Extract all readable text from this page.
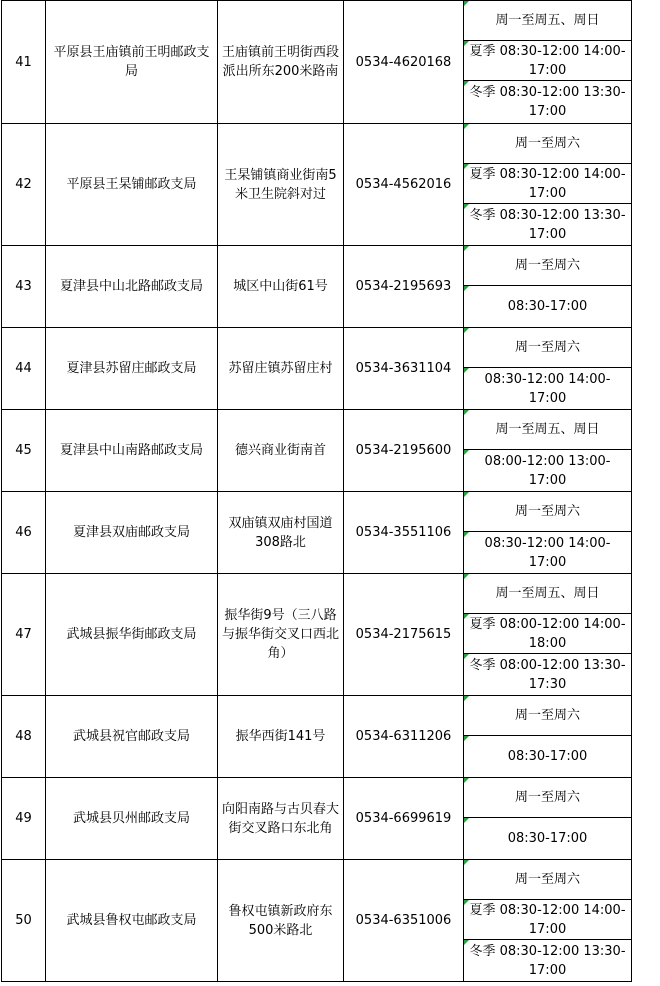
41	平原县王庙镇前王明邮政支局	王庙镇前王明街西段派出所东200米路南	0534-4620168	周一至周五、周日
夏季 08:30-12:00 14:00-17:00
冬季 08:30-12:00 13:30-17:00

42	平原县王杲铺邮政支局	王杲铺镇商业街南5米卫生院斜对过	0534-4562016	周一至周六
夏季 08:30-12:00 14:00-17:00
冬季 08:30-12:00 13:30-17:00

43	夏津县中山北路邮政支局	城区中山街61号	0534-2195693	周一至周六
08:30-17:00

44	夏津县苏留庄邮政支局	苏留庄镇苏留庄村	0534-3631104	周一至周六
08:30-12:00 14:00-17:00

45	夏津县中山南路邮政支局	德兴商业街南首	0534-2195600	周一至周五、周日
08:00-12:00 13:00-17:00

46	夏津县双庙邮政支局	双庙镇双庙村国道308路北	0534-3551106	周一至周六
08:30-12:00 14:00-17:00

47	武城县振华街邮政支局	振华街9号（三八路与振华街交叉口西北角）	0534-2175615	周一至周五、周日
夏季 08:00-12:00 14:00-18:00
冬季 08:00-12:00 13:30-17:30

48	武城县祝官邮政支局	振华西街141号	0534-6311206	周一至周六
08:30-17:00

49	武城县贝州邮政支局	向阳南路与古贝春大街交叉路口东北角	0534-6699619	周一至周六
08:30-17:00

50	武城县鲁权屯邮政支局	鲁权屯镇新政府东500米路北	0534-6351006	周一至周六
夏季 08:30-12:00 14:00-17:00
冬季 08:30-12:00 13:30-17:00
